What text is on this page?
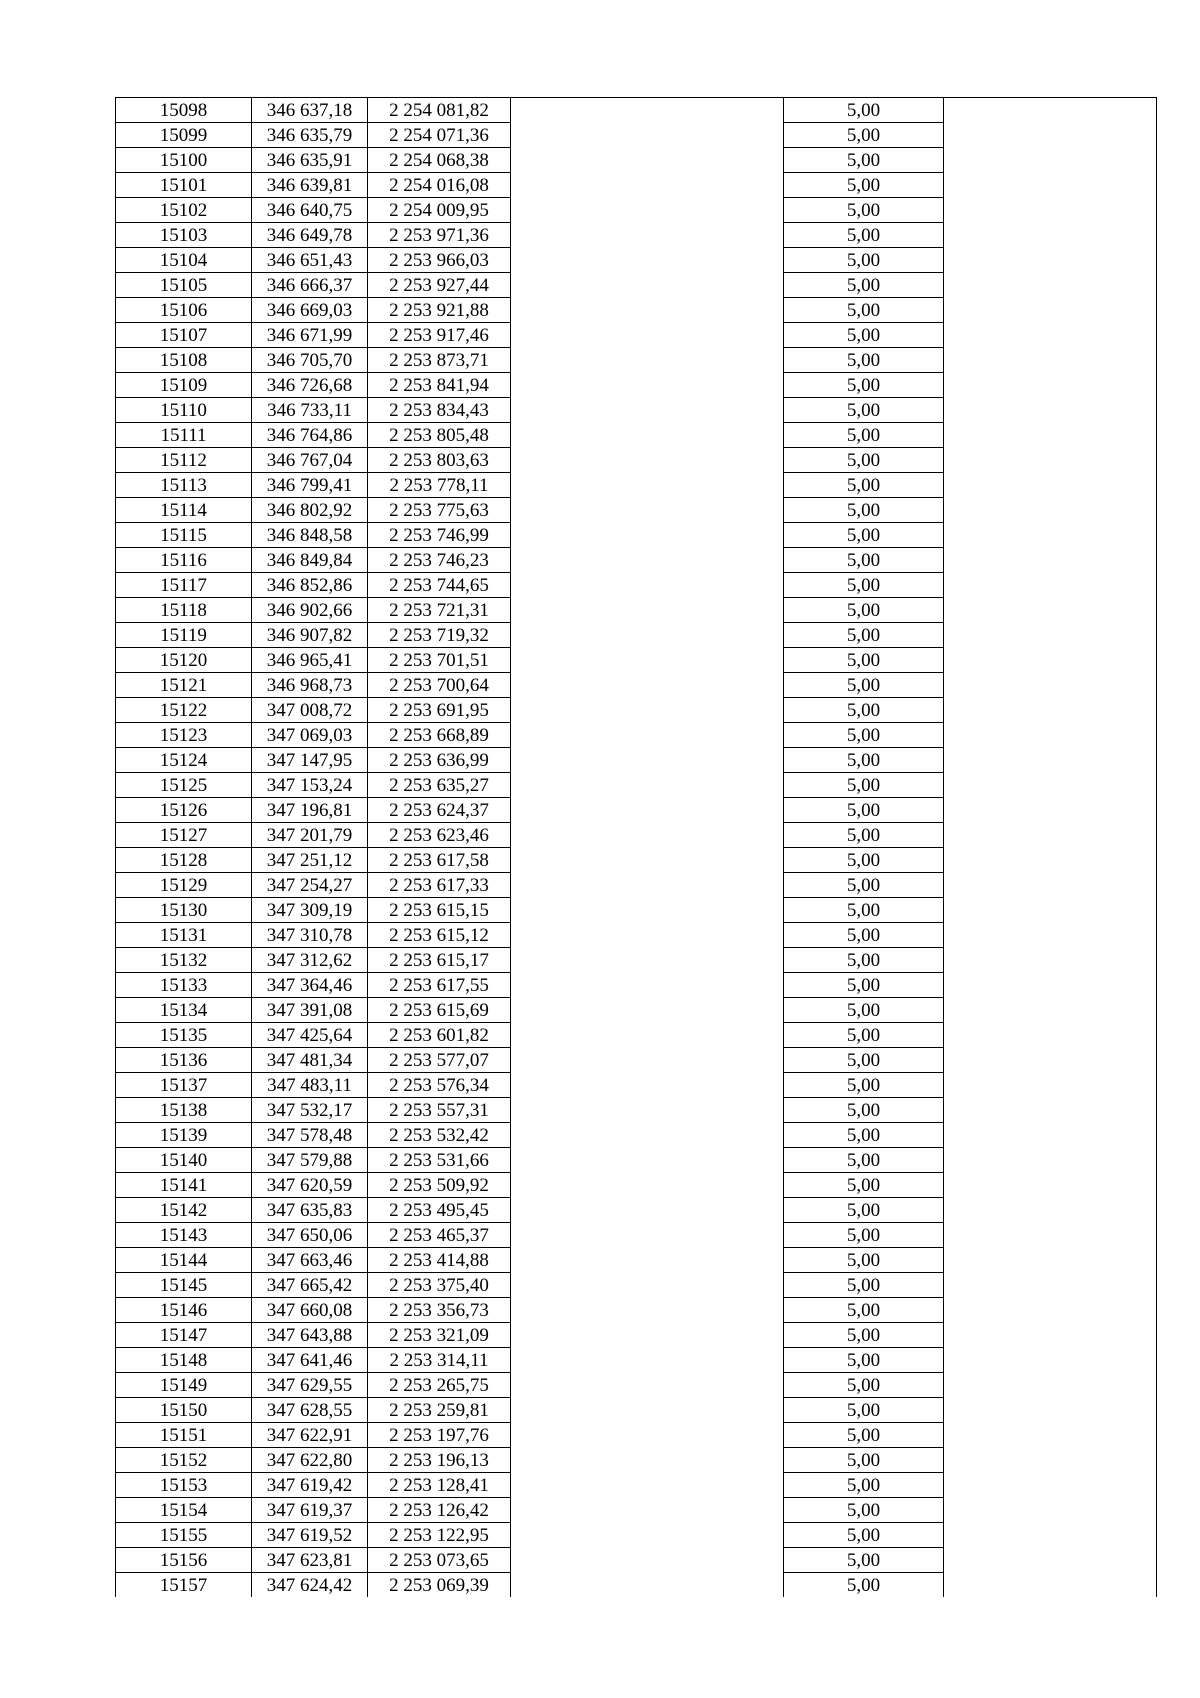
15098	346 637,18	2 254 081,82		5,00	
15099	346 635,79	2 254 071,36		5,00	
15100	346 635,91	2 254 068,38		5,00	
15101	346 639,81	2 254 016,08		5,00	
15102	346 640,75	2 254 009,95		5,00	
15103	346 649,78	2 253 971,36		5,00	
15104	346 651,43	2 253 966,03		5,00	
15105	346 666,37	2 253 927,44		5,00	
15106	346 669,03	2 253 921,88		5,00	
15107	346 671,99	2 253 917,46		5,00	
15108	346 705,70	2 253 873,71		5,00	
15109	346 726,68	2 253 841,94		5,00	
15110	346 733,11	2 253 834,43		5,00	
15111	346 764,86	2 253 805,48		5,00	
15112	346 767,04	2 253 803,63		5,00	
15113	346 799,41	2 253 778,11		5,00	
15114	346 802,92	2 253 775,63		5,00	
15115	346 848,58	2 253 746,99		5,00	
15116	346 849,84	2 253 746,23		5,00	
15117	346 852,86	2 253 744,65		5,00	
15118	346 902,66	2 253 721,31		5,00	
15119	346 907,82	2 253 719,32		5,00	
15120	346 965,41	2 253 701,51		5,00	
15121	346 968,73	2 253 700,64		5,00	
15122	347 008,72	2 253 691,95		5,00	
15123	347 069,03	2 253 668,89		5,00	
15124	347 147,95	2 253 636,99		5,00	
15125	347 153,24	2 253 635,27		5,00	
15126	347 196,81	2 253 624,37		5,00	
15127	347 201,79	2 253 623,46		5,00	
15128	347 251,12	2 253 617,58		5,00	
15129	347 254,27	2 253 617,33		5,00	
15130	347 309,19	2 253 615,15		5,00	
15131	347 310,78	2 253 615,12		5,00	
15132	347 312,62	2 253 615,17		5,00	
15133	347 364,46	2 253 617,55		5,00	
15134	347 391,08	2 253 615,69		5,00	
15135	347 425,64	2 253 601,82		5,00	
15136	347 481,34	2 253 577,07		5,00	
15137	347 483,11	2 253 576,34		5,00	
15138	347 532,17	2 253 557,31		5,00	
15139	347 578,48	2 253 532,42		5,00	
15140	347 579,88	2 253 531,66		5,00	
15141	347 620,59	2 253 509,92		5,00	
15142	347 635,83	2 253 495,45		5,00	
15143	347 650,06	2 253 465,37		5,00	
15144	347 663,46	2 253 414,88		5,00	
15145	347 665,42	2 253 375,40		5,00	
15146	347 660,08	2 253 356,73		5,00	
15147	347 643,88	2 253 321,09		5,00	
15148	347 641,46	2 253 314,11		5,00	
15149	347 629,55	2 253 265,75		5,00	
15150	347 628,55	2 253 259,81		5,00	
15151	347 622,91	2 253 197,76		5,00	
15152	347 622,80	2 253 196,13		5,00	
15153	347 619,42	2 253 128,41		5,00	
15154	347 619,37	2 253 126,42		5,00	
15155	347 619,52	2 253 122,95		5,00	
15156	347 623,81	2 253 073,65		5,00	
15157	347 624,42	2 253 069,39		5,00	
